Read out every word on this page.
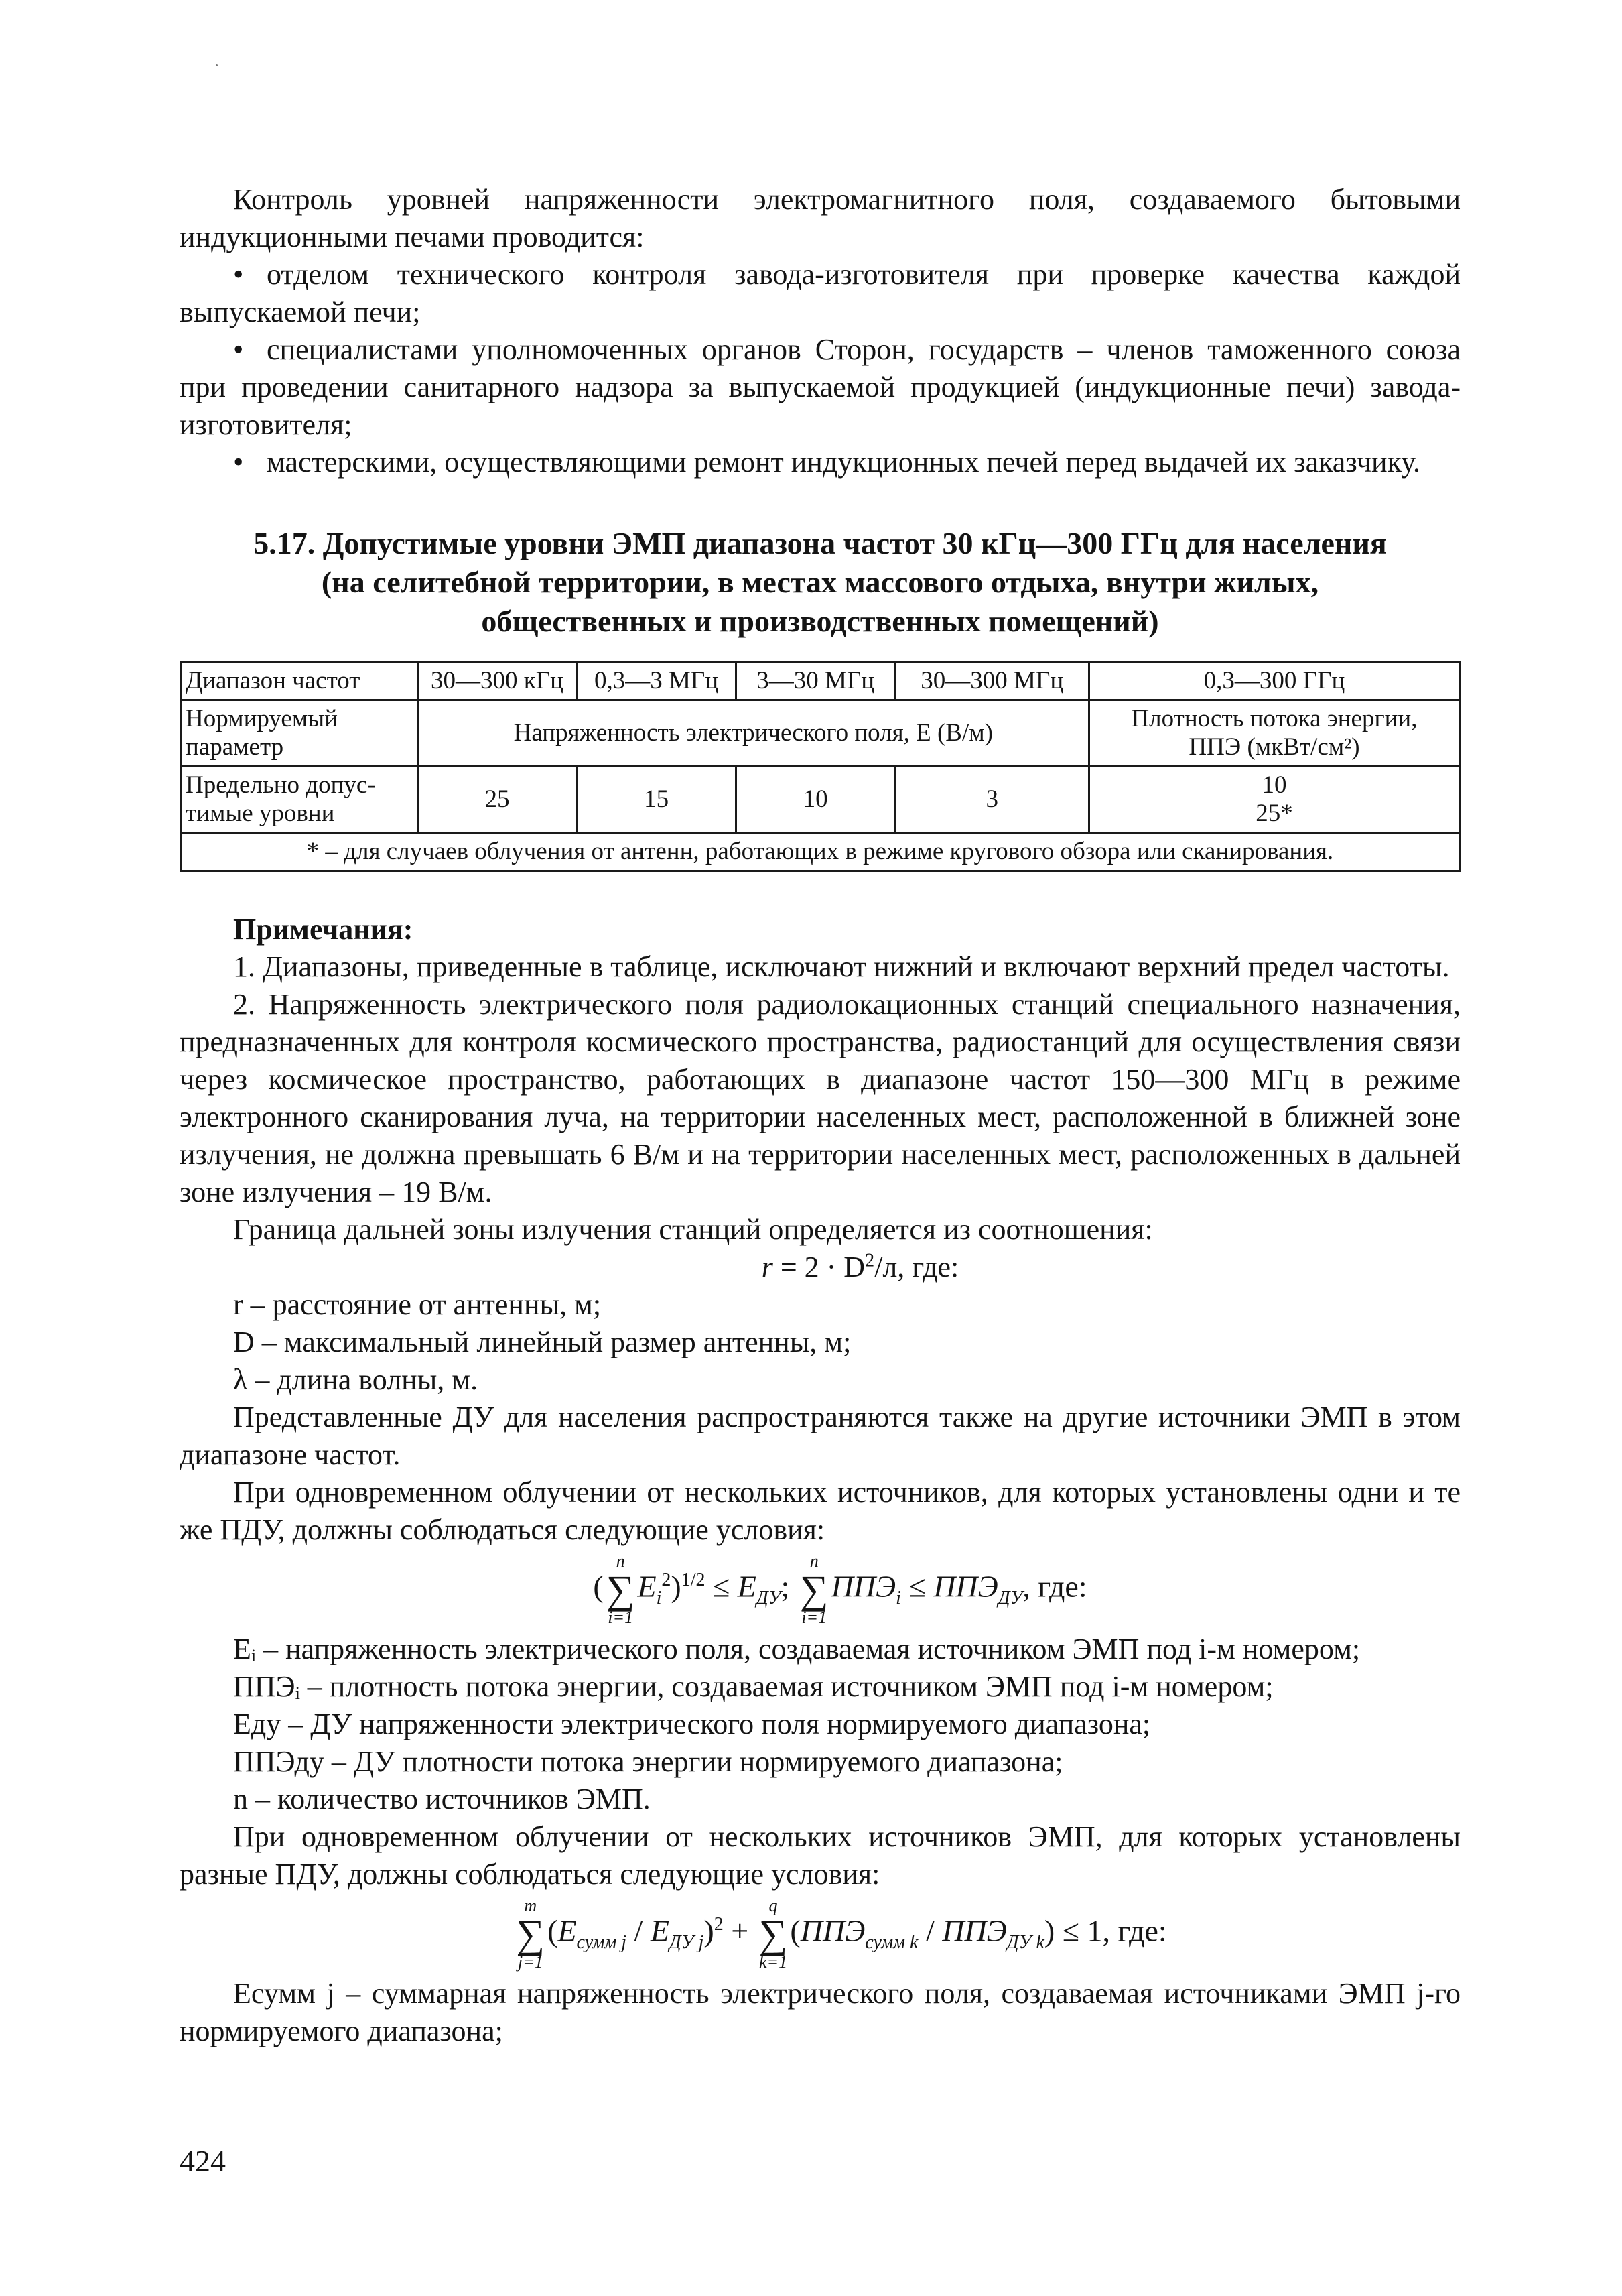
Контроль уровней напряженности электромагнитного поля, создаваемого бытовыми индукционными печами проводится:

• отделом технического контроля завода-изготовителя при проверке качества каждой выпускаемой печи;

• специалистами уполномоченных органов Сторон, государств – членов таможенного союза при проведении санитарного надзора за выпускаемой продукцией (индукционные печи) завода-изготовителя;

• мастерскими, осуществляющими ремонт индукционных печей перед выдачей их заказчику.

5.17. Допустимые уровни ЭМП диапазона частот 30 кГц—300 ГГц для населения
(на селитебной территории, в местах массового отдыха, внутри жилых,
общественных и производственных помещений)
Диапазон частот	30—300 кГц	0,3—3 МГц	3—30 МГц	30—300 МГц	0,3—300 ГГц
Нормируемый
параметр	Напряженность электрического поля, Е (В/м)				Плотность потока энергии,
ППЭ (мкВт/см²)
Предельно допус-
тимые уровни	25	15	10	3	10
25*
* – для случаев облучения от антенн, работающих в режиме кругового обзора или сканирования.					

Примечания:

1. Диапазоны, приведенные в таблице, исключают нижний и включают верхний предел частоты.

2. Напряженность электрического поля радиолокационных станций специального назначения, предназначенных для контроля космического пространства, радиостанций для осуществления связи через космическое пространство, работающих в диапазоне частот 150—300 МГц в режиме электронного сканирования луча, на территории населенных мест, расположенной в ближней зоне излучения, не должна превышать 6 В/м и на территории населенных мест, расположенных в дальней зоне излучения – 19 В/м.

Граница дальней зоны излучения станций определяется из соотношения:

$r = 2 \cdot D^2/л$, где:

r – расстояние от антенны, м;

D – максимальный линейный размер антенны, м;

λ – длина волны, м.

Представленные ДУ для населения распространяются также на другие источники ЭМП в этом диапазоне частот.

При одновременном облучении от нескольких источников, для которых установлены одни и те же ПДУ, должны соблюдаться следующие условия:

(
n
∑
i=1
$E_i^2)^{1/2} \le E_{ДУ}$;
n
∑
i=1
$ППЭ_i \le ППЭ_{ДУ}$, где:

Eᵢ – напряженность электрического поля, создаваемая источником ЭМП под i-м номером;

ППЭᵢ – плотность потока энергии, создаваемая источником ЭМП под i-м номером;

Eду – ДУ напряженности электрического поля нормируемого диапазона;

ППЭду – ДУ плотности потока энергии нормируемого диапазона;

n – количество источников ЭМП.

При одновременном облучении от нескольких источников ЭМП, для которых установлены разные ПДУ, должны соблюдаться следующие условия:

m
∑
j=1
$(E_{сумм j} / E_{ДУ j})^2$ +
q
∑
k=1
$(ППЭ_{сумм k} / ППЭ_{ДУ k}) \le 1$, где:

Eсумм j – суммарная напряженность электрического поля, создаваемая источниками ЭМП j-го нормируемого диапазона;

424
